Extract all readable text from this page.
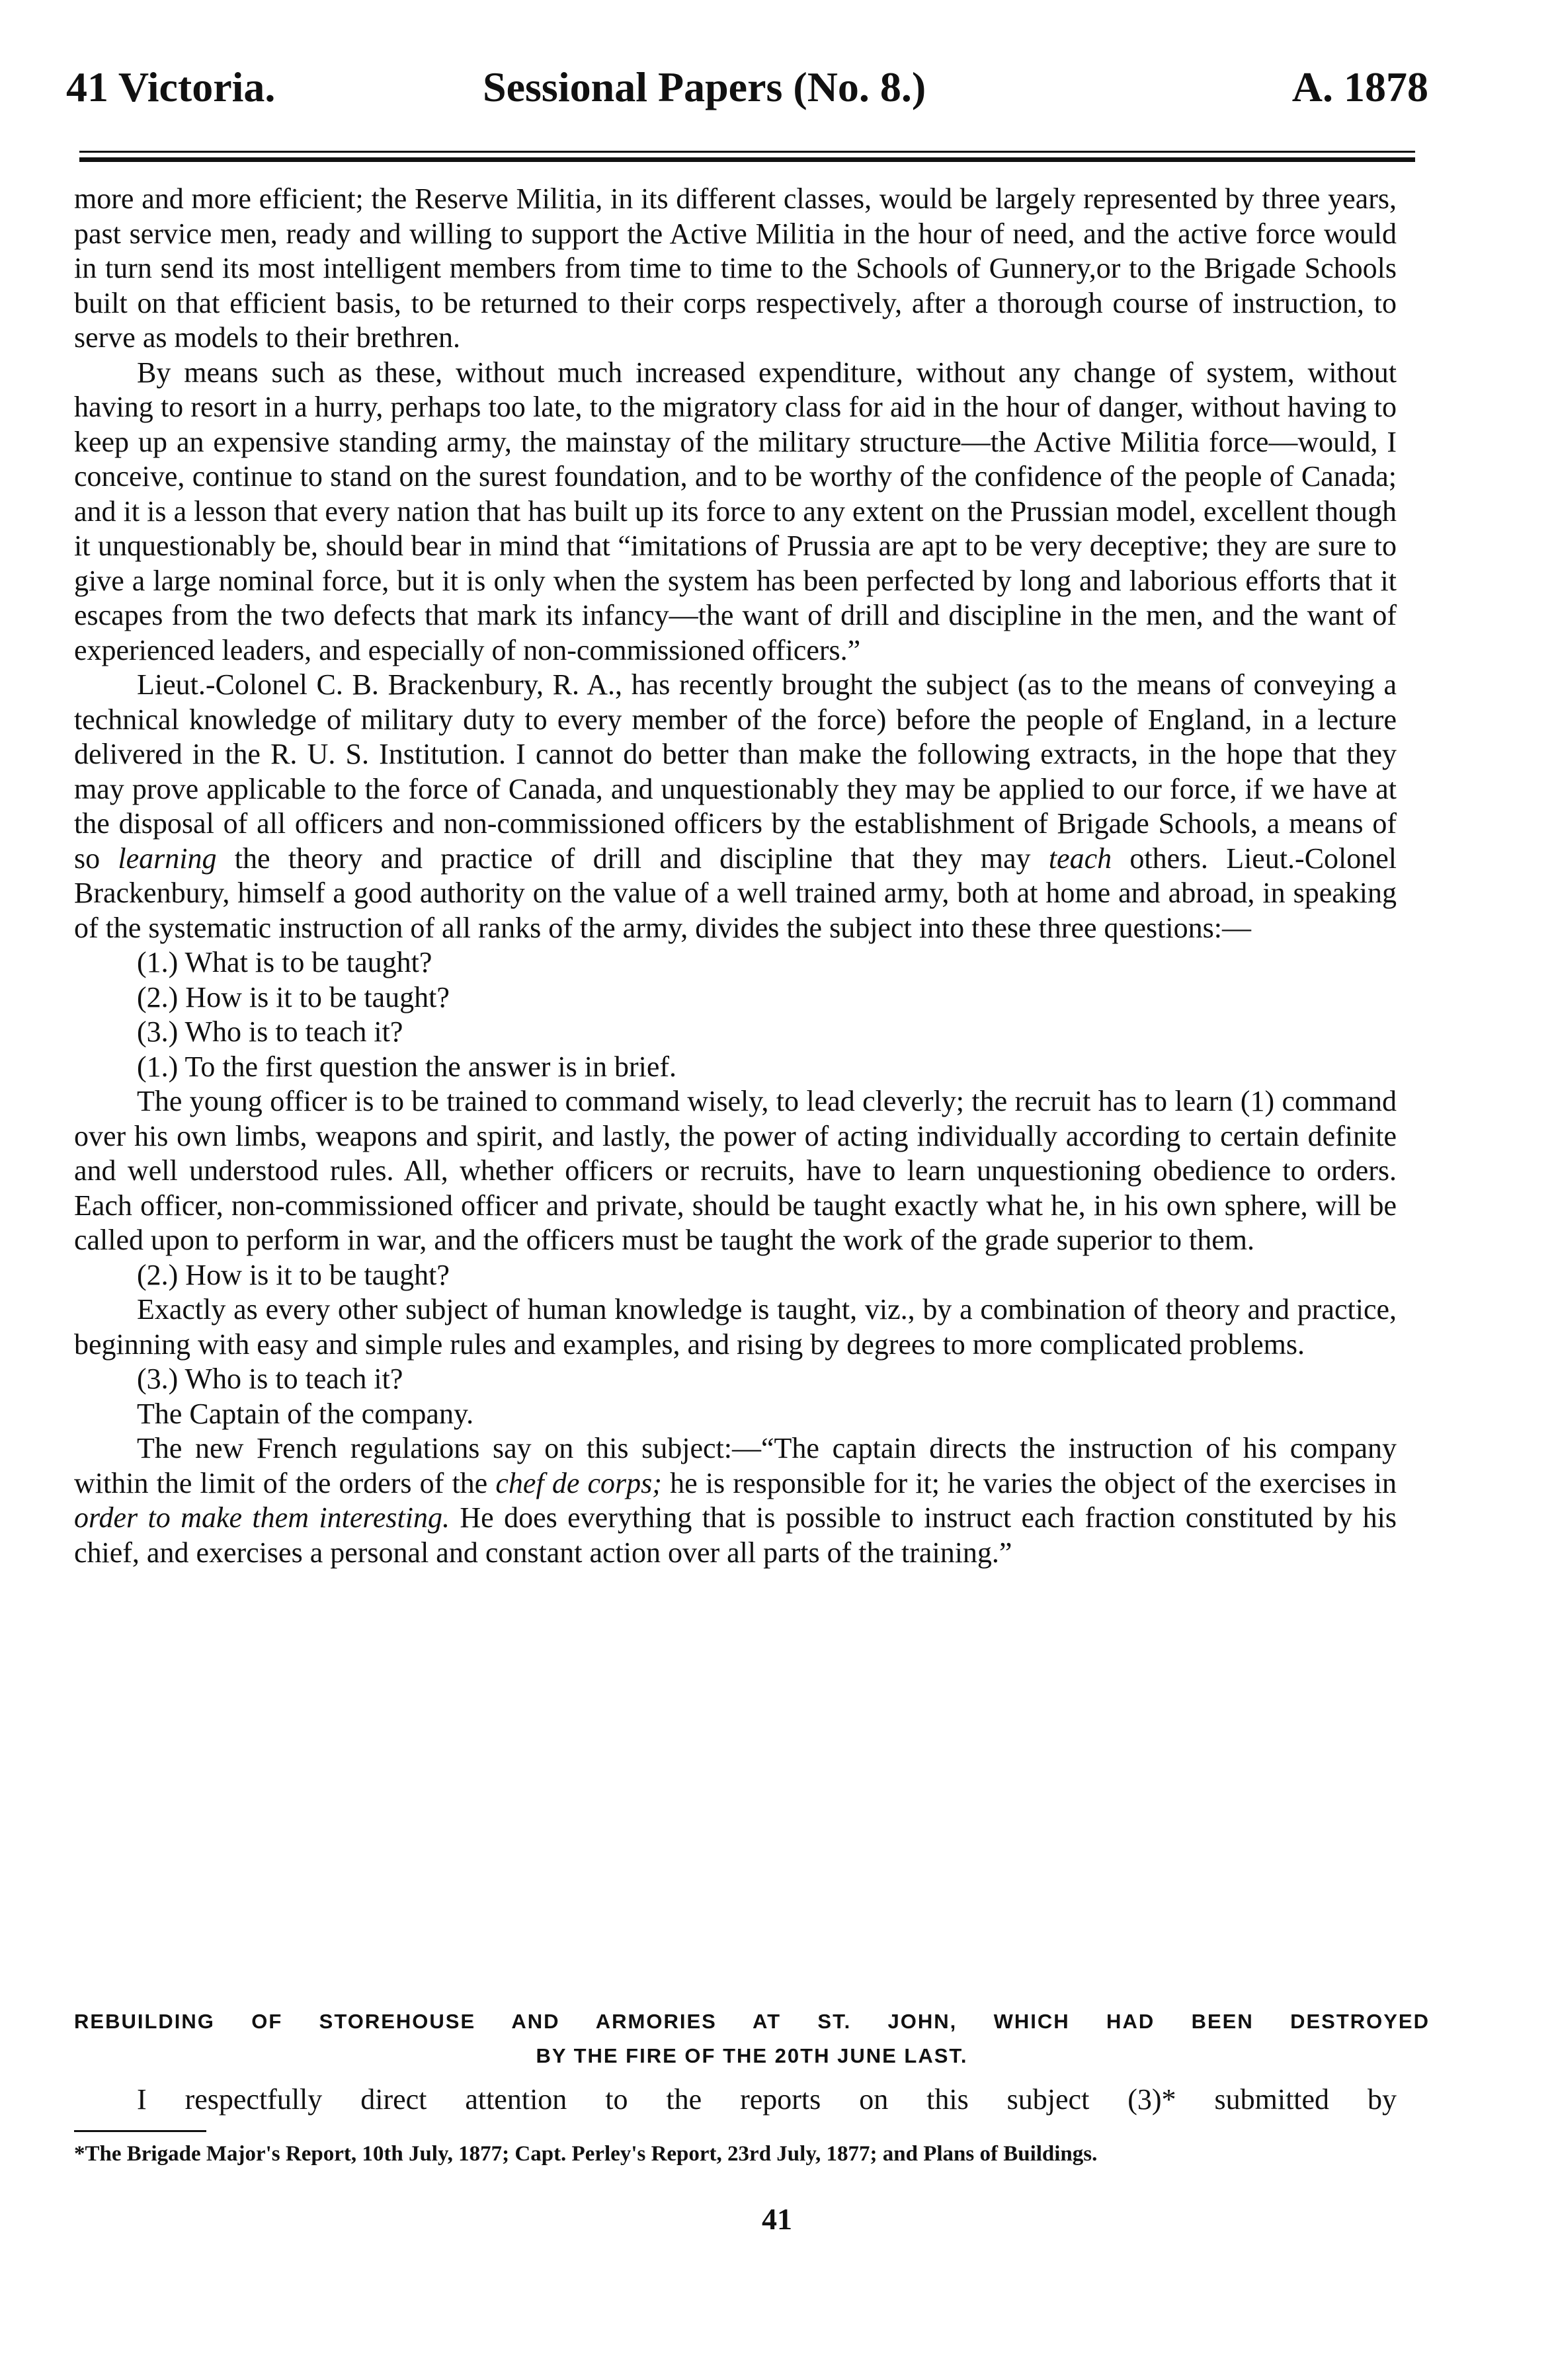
41 Victoria.	Sessional Papers (No. 8.)	A. 1878

more and more efficient; the Reserve Militia, in its different classes, would be largely represented by three years, past service men, ready and willing to support the Active Militia in the hour of need, and the active force would in turn send its most intelligent members from time to time to the Schools of Gunnery,or to the Brigade Schools built on that efficient basis, to be returned to their corps respectively, after a thorough course of instruction, to serve as models to their brethren.

By means such as these, without much increased expenditure, without any change of system, without having to resort in a hurry, perhaps too late, to the migratory class for aid in the hour of danger, without having to keep up an expensive standing army, the mainstay of the military structure—the Active Militia force—would, I conceive, continue to stand on the surest foundation, and to be worthy of the confidence of the people of Canada; and it is a lesson that every nation that has built up its force to any extent on the Prussian model, excellent though it unquestionably be, should bear in mind that “imitations of Prussia are apt to be very deceptive; they are sure to give a large nominal force, but it is only when the system has been perfected by long and laborious efforts that it escapes from the two defects that mark its infancy—the want of drill and discipline in the men, and the want of experienced leaders, and especially of non-commissioned officers.”

Lieut.-Colonel C. B. Brackenbury, R. A., has recently brought the subject (as to the means of conveying a technical knowledge of military duty to every member of the force) before the people of England, in a lecture delivered in the R. U. S. Institution. I cannot do better than make the following extracts, in the hope that they may prove applicable to the force of Canada, and unquestionably they may be applied to our force, if we have at the disposal of all officers and non-commissioned officers by the establishment of Brigade Schools, a means of so learning the theory and practice of drill and discipline that they may teach others. Lieut.-Colonel Brackenbury, himself a good authority on the value of a well trained army, both at home and abroad, in speaking of the systematic instruction of all ranks of the army, divides the subject into these three questions:—

(1.) What is to be taught?

(2.) How is it to be taught?

(3.) Who is to teach it?

(1.) To the first question the answer is in brief.

The young officer is to be trained to command wisely, to lead cleverly; the recruit has to learn (1) command over his own limbs, weapons and spirit, and lastly, the power of acting individually according to certain definite and well understood rules. All, whether officers or recruits, have to learn unquestioning obedience to orders. Each officer, non-commissioned officer and private, should be taught exactly what he, in his own sphere, will be called upon to perform in war, and the officers must be taught the work of the grade superior to them.

(2.) How is it to be taught?

Exactly as every other subject of human knowledge is taught, viz., by a combination of theory and practice, beginning with easy and simple rules and examples, and rising by degrees to more complicated problems.

(3.) Who is to teach it?

The Captain of the company.

The new French regulations say on this subject:—“The captain directs the instruction of his company within the limit of the orders of the chef de corps; he is responsible for it; he varies the object of the exercises in order to make them interesting. He does everything that is possible to instruct each fraction constituted by his chief, and exercises a personal and constant action over all parts of the training.”

REBUILDING OF STOREHOUSE AND ARMORIES AT ST. JOHN, WHICH HAD BEEN DESTROYED
BY THE FIRE OF THE 20TH JUNE LAST.
I respectfully direct attention to the reports on this subject (3)* submitted by
*The Brigade Major's Report, 10th July, 1877; Capt. Perley's Report, 23rd July, 1877; and Plans of Buildings.
41
